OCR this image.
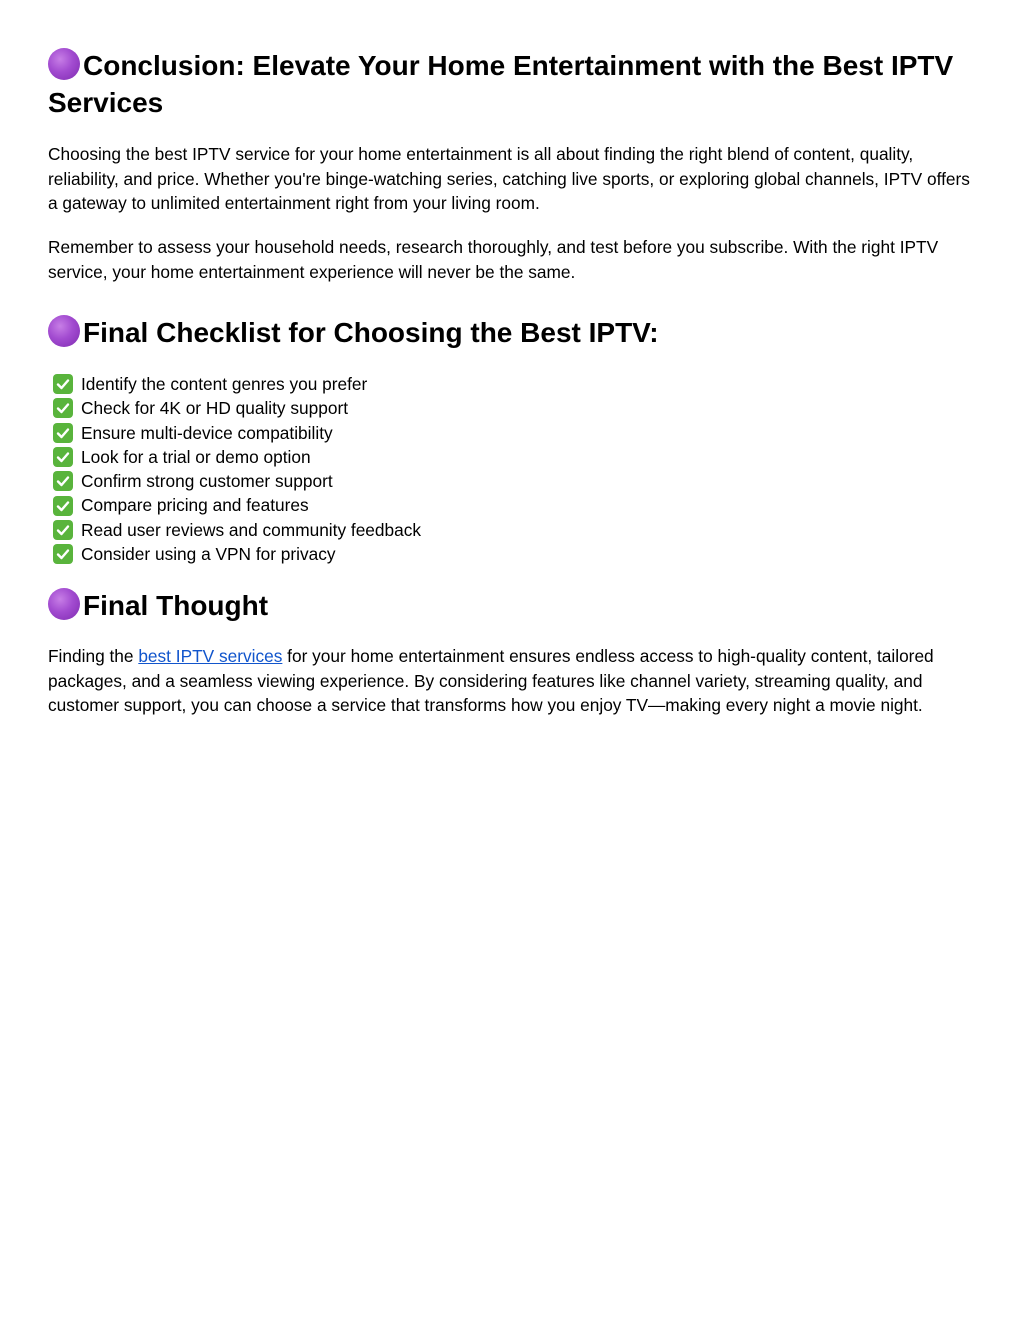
Conclusion: Elevate Your Home Entertainment with the Best IPTV Services

Choosing the best IPTV service for your home entertainment is all about finding the right blend of content, quality, reliability, and price. Whether you're binge-watching series, catching live sports, or exploring global channels, IPTV offers a gateway to unlimited entertainment right from your living room.

Remember to assess your household needs, research thoroughly, and test before you subscribe. With the right IPTV service, your home entertainment experience will never be the same.

Final Checklist for Choosing the Best IPTV:
Identify the content genres you prefer
Check for 4K or HD quality support
Ensure multi-device compatibility
Look for a trial or demo option
Confirm strong customer support
Compare pricing and features
Read user reviews and community feedback
Consider using a VPN for privacy
Final Thought

Finding the best IPTV services for your home entertainment ensures endless access to high-quality content, tailored packages, and a seamless viewing experience. By considering features like channel variety, streaming quality, and customer support, you can choose a service that transforms how you enjoy TV—making every night a movie night.
